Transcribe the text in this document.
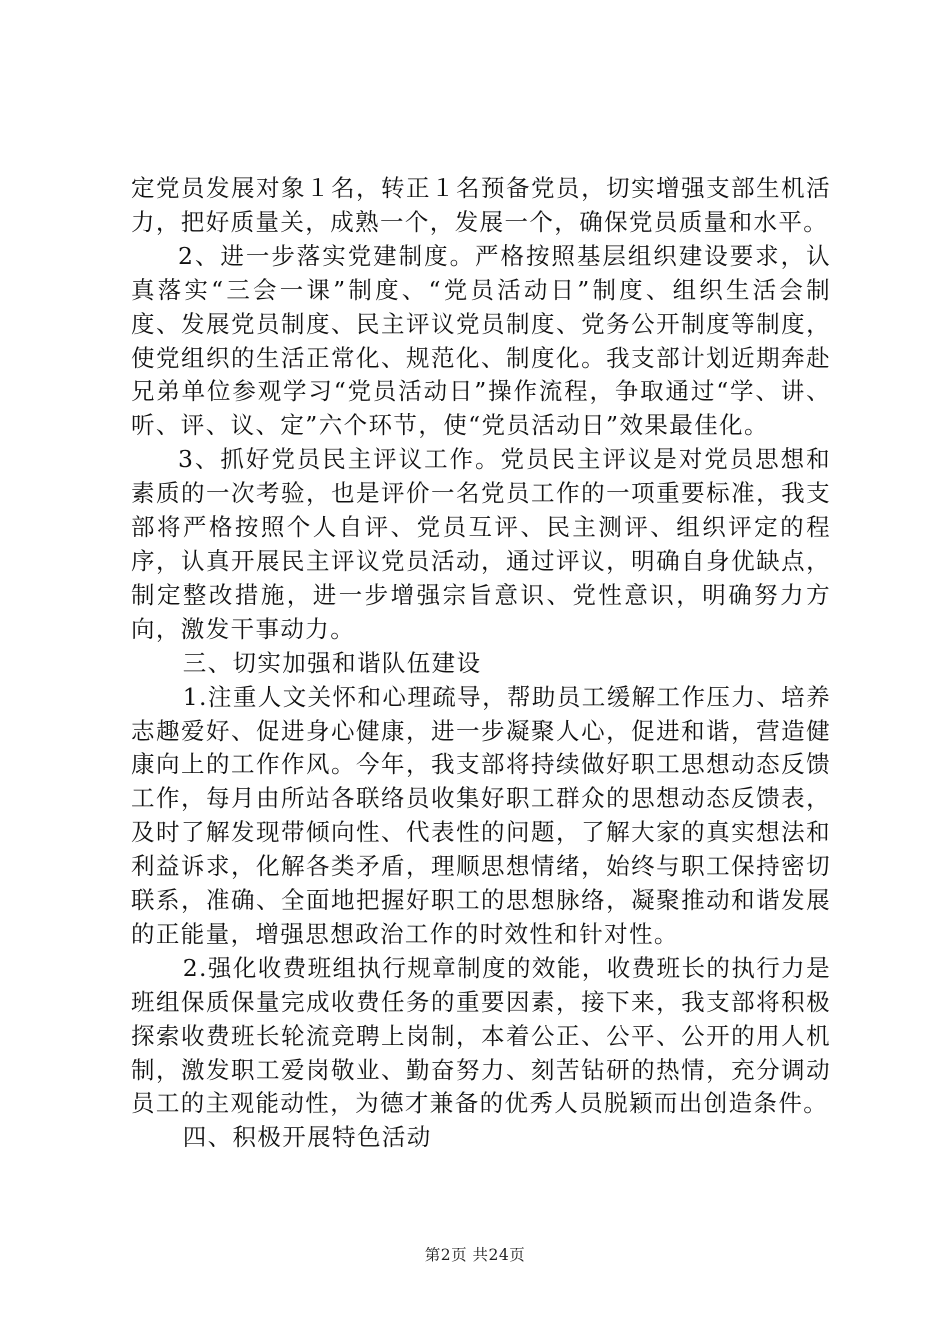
定党员发展对象１名，转正１名预备党员，切实增强支部生机活力，把好质量关，成熟一个，发展一个，确保党员质量和水平。

2、进一步落实党建制度。严格按照基层组织建设要求，认真落实“三会一课”制度、“党员活动日”制度、组织生活会制度、发展党员制度、民主评议党员制度、党务公开制度等制度，使党组织的生活正常化、规范化、制度化。我支部计划近期奔赴兄弟单位参观学习“党员活动日”操作流程，争取通过“学、讲、听、评、议、定”六个环节，使“党员活动日”效果最佳化。

3、抓好党员民主评议工作。党员民主评议是对党员思想和素质的一次考验，也是评价一名党员工作的一项重要标准，我支部将严格按照个人自评、党员互评、民主测评、组织评定的程序，认真开展民主评议党员活动，通过评议，明确自身优缺点，制定整改措施，进一步增强宗旨意识、党性意识，明确努力方向，激发干事动力。

三、切实加强和谐队伍建设

1.注重人文关怀和心理疏导，帮助员工缓解工作压力、培养志趣爱好、促进身心健康，进一步凝聚人心，促进和谐，营造健康向上的工作作风。今年，我支部将持续做好职工思想动态反馈工作，每月由所站各联络员收集好职工群众的思想动态反馈表，及时了解发现带倾向性、代表性的问题，了解大家的真实想法和利益诉求，化解各类矛盾，理顺思想情绪，始终与职工保持密切联系，准确、全面地把握好职工的思想脉络，凝聚推动和谐发展的正能量，增强思想政治工作的时效性和针对性。

2.强化收费班组执行规章制度的效能，收费班长的执行力是班组保质保量完成收费任务的重要因素，接下来，我支部将积极探索收费班长轮流竞聘上岗制，本着公正、公平、公开的用人机制，激发职工爱岗敬业、勤奋努力、刻苦钻研的热情，充分调动员工的主观能动性，为德才兼备的优秀人员脱颖而出创造条件。

四、积极开展特色活动

第2页 共24页
